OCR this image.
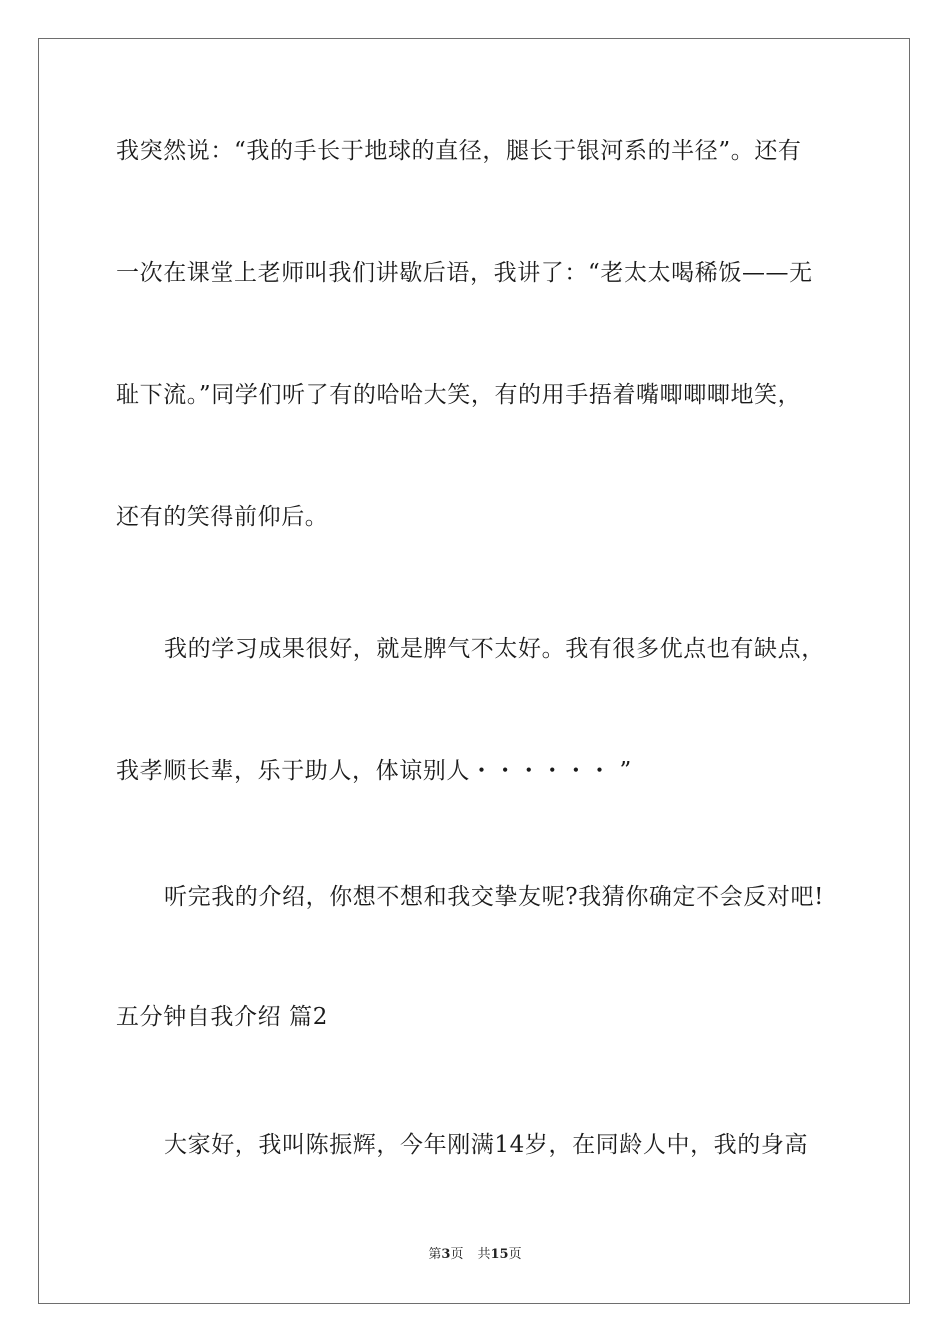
我突然说：“我的手长于地球的直径，腿长于银河系的半径”。还有
一次在课堂上老师叫我们讲歇后语，我讲了：“老太太喝稀饭——无
耻下流。”同学们听了有的哈哈大笑，有的用手捂着嘴唧唧唧地笑，
还有的笑得前仰后。
我的学习成果很好，就是脾气不太好。我有很多优点也有缺点，
我孝顺长辈，乐于助人，体谅别人・・・・・・ ”
听完我的介绍，你想不想和我交挚友呢?我猜你确定不会反对吧!
五分钟自我介绍 篇2
大家好，我叫陈振辉，今年刚满14岁，在同龄人中，我的身高
第3页 共15页
